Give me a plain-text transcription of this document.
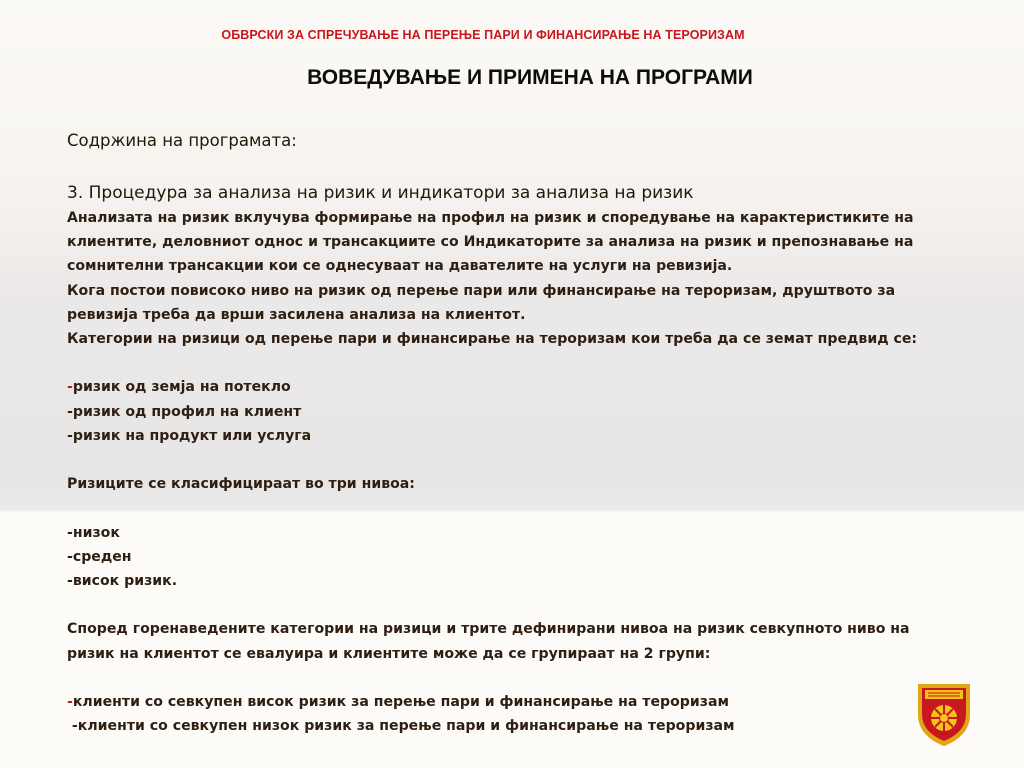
ОБВРСКИ ЗА СПРЕЧУВАЊЕ НА ПЕРЕЊЕ ПАРИ И ФИНАНСИРАЊЕ НА ТЕРОРИЗАМ
ВОВЕДУВАЊЕ И ПРИМЕНА НА ПРОГРАМИ
Содржина на програмата:
3. Процедура за анализа на ризик и индикатори за анализа на ризик
Анализата на ризик вклучува формирање на профил на ризик и споредување на карактеристиките на
клиентите, деловниот однос и трансакциите со Индикаторите за анализа на ризик и препознавање на
сомнителни трансакции кои се однесуваат на давателите на услуги на ревизија.
Кога постои повисоко ниво на ризик од перење пари или финансирање на тероризам, друштвото за
ревизија треба да врши засилена анализа на клиентот.
Категории на ризици од перење пари и финансирање на тероризам кои треба да се земат предвид се:
-ризик од земја на потекло
-ризик од профил на клиент
-ризик на продукт или услуга
Ризиците се класифицираат во три нивоа:
-низок
-среден
-висок ризик.
Според горенаведените категории на ризици и трите дефинирани нивоа на ризик севкупното ниво на
ризик на клиентот се евалуира и клиентите може да се групираат на 2 групи:
-клиенти со севкупен висок ризик за перење пари и финансирање на тероризам
-клиенти со севкупен низок ризик за перење пари и финансирање на тероризам
